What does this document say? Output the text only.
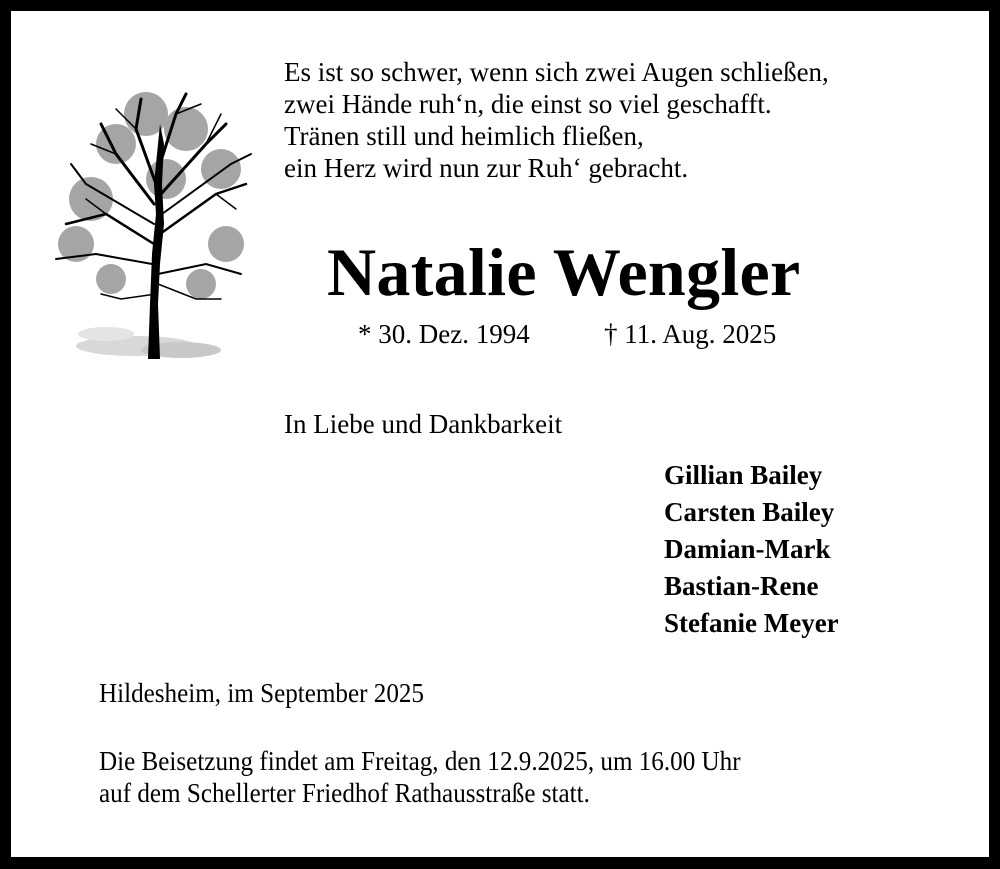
Es ist so schwer, wenn sich zwei Augen schließen,
zwei Hände ruh‘n, die einst so viel geschafft.
Tränen still und heimlich fließen,
ein Herz wird nun zur Ruh‘ gebracht.
Natalie Wengler
* 30. Dez. 1994	† 11. Aug. 2025
In Liebe und Dankbarkeit
Gillian Bailey
Carsten Bailey
Damian-Mark
Bastian-Rene
Stefanie Meyer
Hildesheim, im September 2025
Die Beisetzung findet am Freitag, den 12.9.2025, um 16.00 Uhr
auf dem Schellerter Friedhof Rathausstraße statt.
